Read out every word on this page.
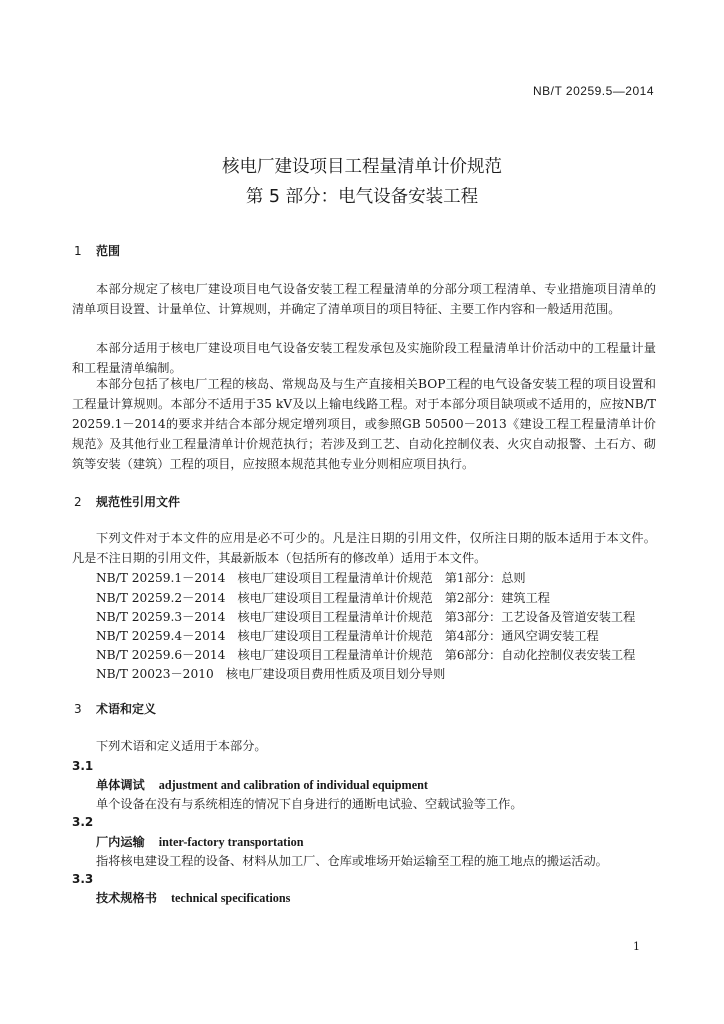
NB/T 20259.5—2014
核电厂建设项目工程量清单计价规范
第 5 部分：电气设备安装工程
1 范围
本部分规定了核电厂建设项目电气设备安装工程工程量清单的分部分项工程清单、专业措施项目清单的清单项目设置、计量单位、计算规则，并确定了清单项目的项目特征、主要工作内容和一般适用范围。
本部分适用于核电厂建设项目电气设备安装工程发承包及实施阶段工程量清单计价活动中的工程量计量和工程量清单编制。
本部分包括了核电厂工程的核岛、常规岛及与生产直接相关BOP工程的电气设备安装工程的项目设置和工程量计算规则。本部分不适用于35 kV及以上输电线路工程。对于本部分项目缺项或不适用的，应按NB/T 20259.1－2014的要求并结合本部分规定增列项目，或参照GB 50500－2013《建设工程工程量清单计价规范》及其他行业工程量清单计价规范执行；若涉及到工艺、自动化控制仪表、火灾自动报警、土石方、砌筑等安装（建筑）工程的项目，应按照本规范其他专业分则相应项目执行。
2 规范性引用文件
下列文件对于本文件的应用是必不可少的。凡是注日期的引用文件，仅所注日期的版本适用于本文件。凡是不注日期的引用文件，其最新版本（包括所有的修改单）适用于本文件。
NB/T 20259.1－2014　核电厂建设项目工程量清单计价规范　第1部分：总则
NB/T 20259.2－2014　核电厂建设项目工程量清单计价规范　第2部分：建筑工程
NB/T 20259.3－2014　核电厂建设项目工程量清单计价规范　第3部分：工艺设备及管道安装工程
NB/T 20259.4－2014　核电厂建设项目工程量清单计价规范　第4部分：通风空调安装工程
NB/T 20259.6－2014　核电厂建设项目工程量清单计价规范　第6部分：自动化控制仪表安装工程
NB/T 20023－2010　核电厂建设项目费用性质及项目划分导则
3 术语和定义
下列术语和定义适用于本部分。
3.1
单体调试 adjustment and calibration of individual equipment
单个设备在没有与系统相连的情况下自身进行的通断电试验、空载试验等工作。
3.2
厂内运输 inter-factory transportation
指将核电建设工程的设备、材料从加工厂、仓库或堆场开始运输至工程的施工地点的搬运活动。
3.3
技术规格书 technical specifications
1
